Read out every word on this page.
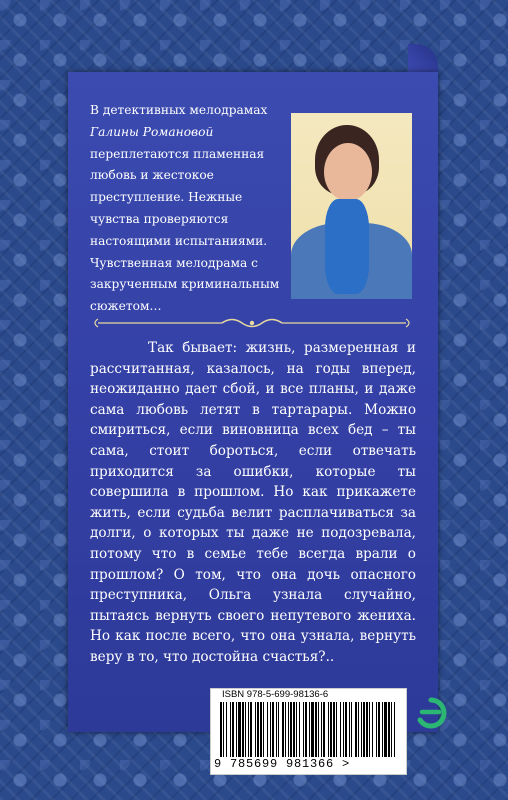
В детективных мелодрамах
Галины Романовой переплетаются пламенная любовь и жестокое преступление. Нежные чувства проверяются настоящими испытаниями. Чувственная мелодрама с закрученным криминальным сюжетом…

Так бывает: жизнь, размеренная и рассчитанная, казалось, на годы вперед, неожиданно дает сбой, и все планы, и даже сама любовь летят в тартарары. Можно смириться, если виновница всех бед – ты сама, стоит бороться, если отвечать приходится за ошибки, которые ты совершила в прошлом. Но как прикажете жить, если судьба велит расплачиваться за долги, о которых ты даже не подозревала, потому что в семье тебе всегда врали о прошлом? О том, что она дочь опасного преступника, Ольга узнала случайно, пытаясь вернуть своего непутевого жениха. Но как после всего, что она узнала, вернуть веру в то, что достойна счастья?..

ISBN 978-5-699-98136-6
9 785699 981366 >
